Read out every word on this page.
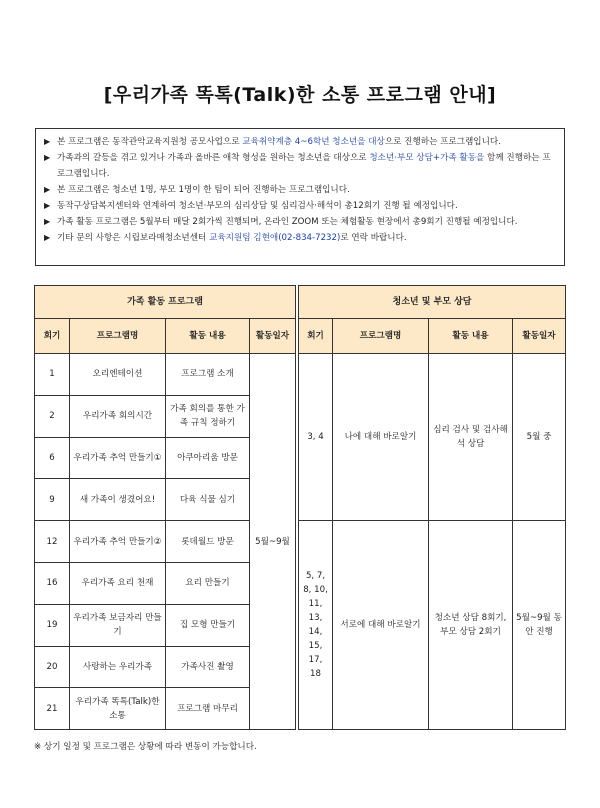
[우리가족 똑톡(Talk)한 소통 프로그램 안내]
▶ 본 프로그램은 동작관악교육지원청 공모사업으로 교육취약계층 4~6학년 청소년을 대상으로 진행하는 프로그램입니다.
▶ 가족과의 갈등을 겪고 있거나 가족과 올바른 애착 형성을 원하는 청소년을 대상으로 청소년·부모 상담+가족 활동을 함께 진행하는 프로그램입니다.
▶ 본 프로그램은 청소년 1명, 부모 1명이 한 팀이 되어 진행하는 프로그램입니다.
▶ 동작구상담복지센터와 연계하여 청소년·부모의 심리상담 및 심리검사·해석이 총12회기 진행 될 예정입니다.
▶ 가족 활동 프로그램은 5월부터 매달 2회가씩 진행되며, 온라인 ZOOM 또는 체험활동 현장에서 총9회기 진행될 예정입니다.
▶ 기타 문의 사항은 시립보라매청소년센터 교육지원팀 김현애(02-834-7232)로 연락 바랍니다.
가족 활동 프로그램					청소년 및 부모 상담			
회기	프로그램명	활동 내용	활동일자		회기	프로그램명	활동 내용	활동일자
1	오리엔테이션	프로그램 소개	5월~9월		3, 4	나에 대해 바로알기	심리 검사 및 검사해석 상담	5월 중
2	우리가족 회의시간	가족 회의를 통한 가족 규칙 정하기						
6	우리가족 추억 만들기①	아쿠아리움 방문						
9	새 가족이 생겼어요!	다육 식물 심기						
12	우리가족 추억 만들기②	롯데월드 방문			5, 7, 8, 10, 11, 13, 14, 15, 17, 18	서로에 대해 바로알기	청소년 상담 8회기, 부모 상담 2회기	5월~9월 동안 진행
16	우리가족 요리 천재	요리 만들기						
19	우리가족 보금자리 만들기	집 모형 만들기						
20	사랑하는 우리가족	가족사진 촬영						
21	우리가족 똑톡(Talk)한 소통	프로그램 마무리						
※ 상기 일정 및 프로그램은 상황에 따라 변동이 가능합니다.
